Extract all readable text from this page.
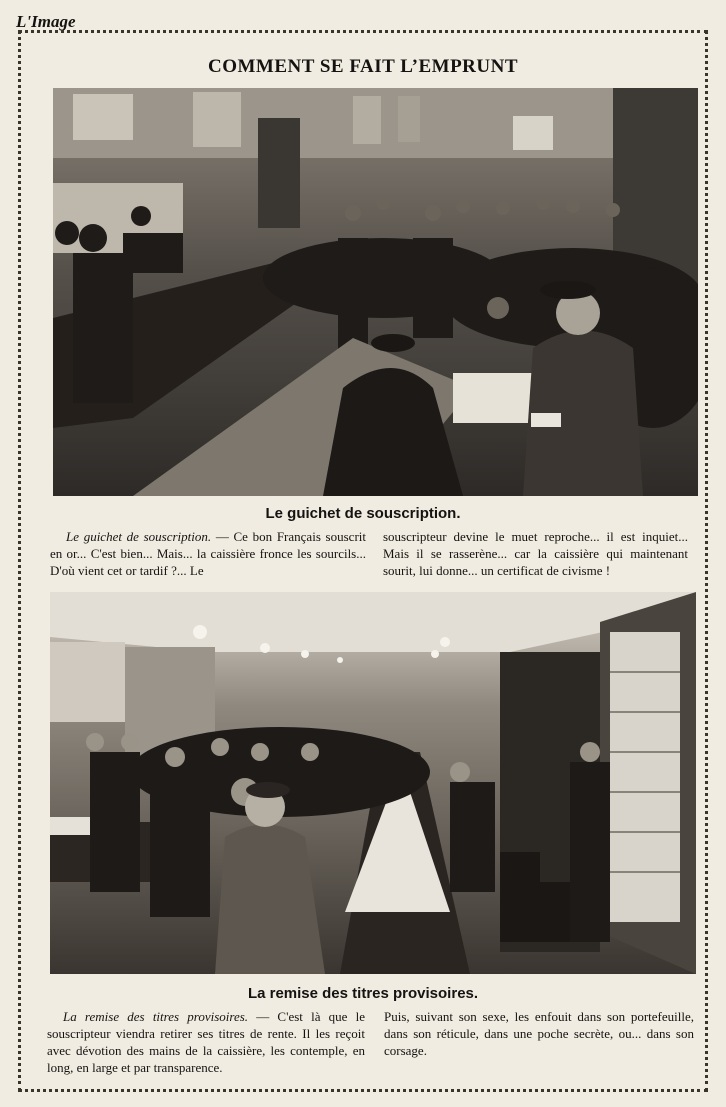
L'Image
COMMENT SE FAIT L’EMPRUNT
Le guichet de souscription.
Le guichet de souscription. — Ce bon Français souscrit en or... C'est bien... Mais... la caissière fronce les sourcils... D'où vient cet or tardif ?... Le
souscripteur devine le muet reproche... il est inquiet... Mais il se rasserène... car la caissière qui maintenant sourit, lui donne... un certificat de civisme !
La remise des titres provisoires.
La remise des titres provisoires. — C'est là que le souscripteur viendra retirer ses titres de rente. Il les reçoit avec dévotion des mains de la caissière, les contemple, en long, en large et par transparence.
Puis, suivant son sexe, les enfouit dans son portefeuille, dans son réticule, dans une poche secrète, ou... dans son corsage.
